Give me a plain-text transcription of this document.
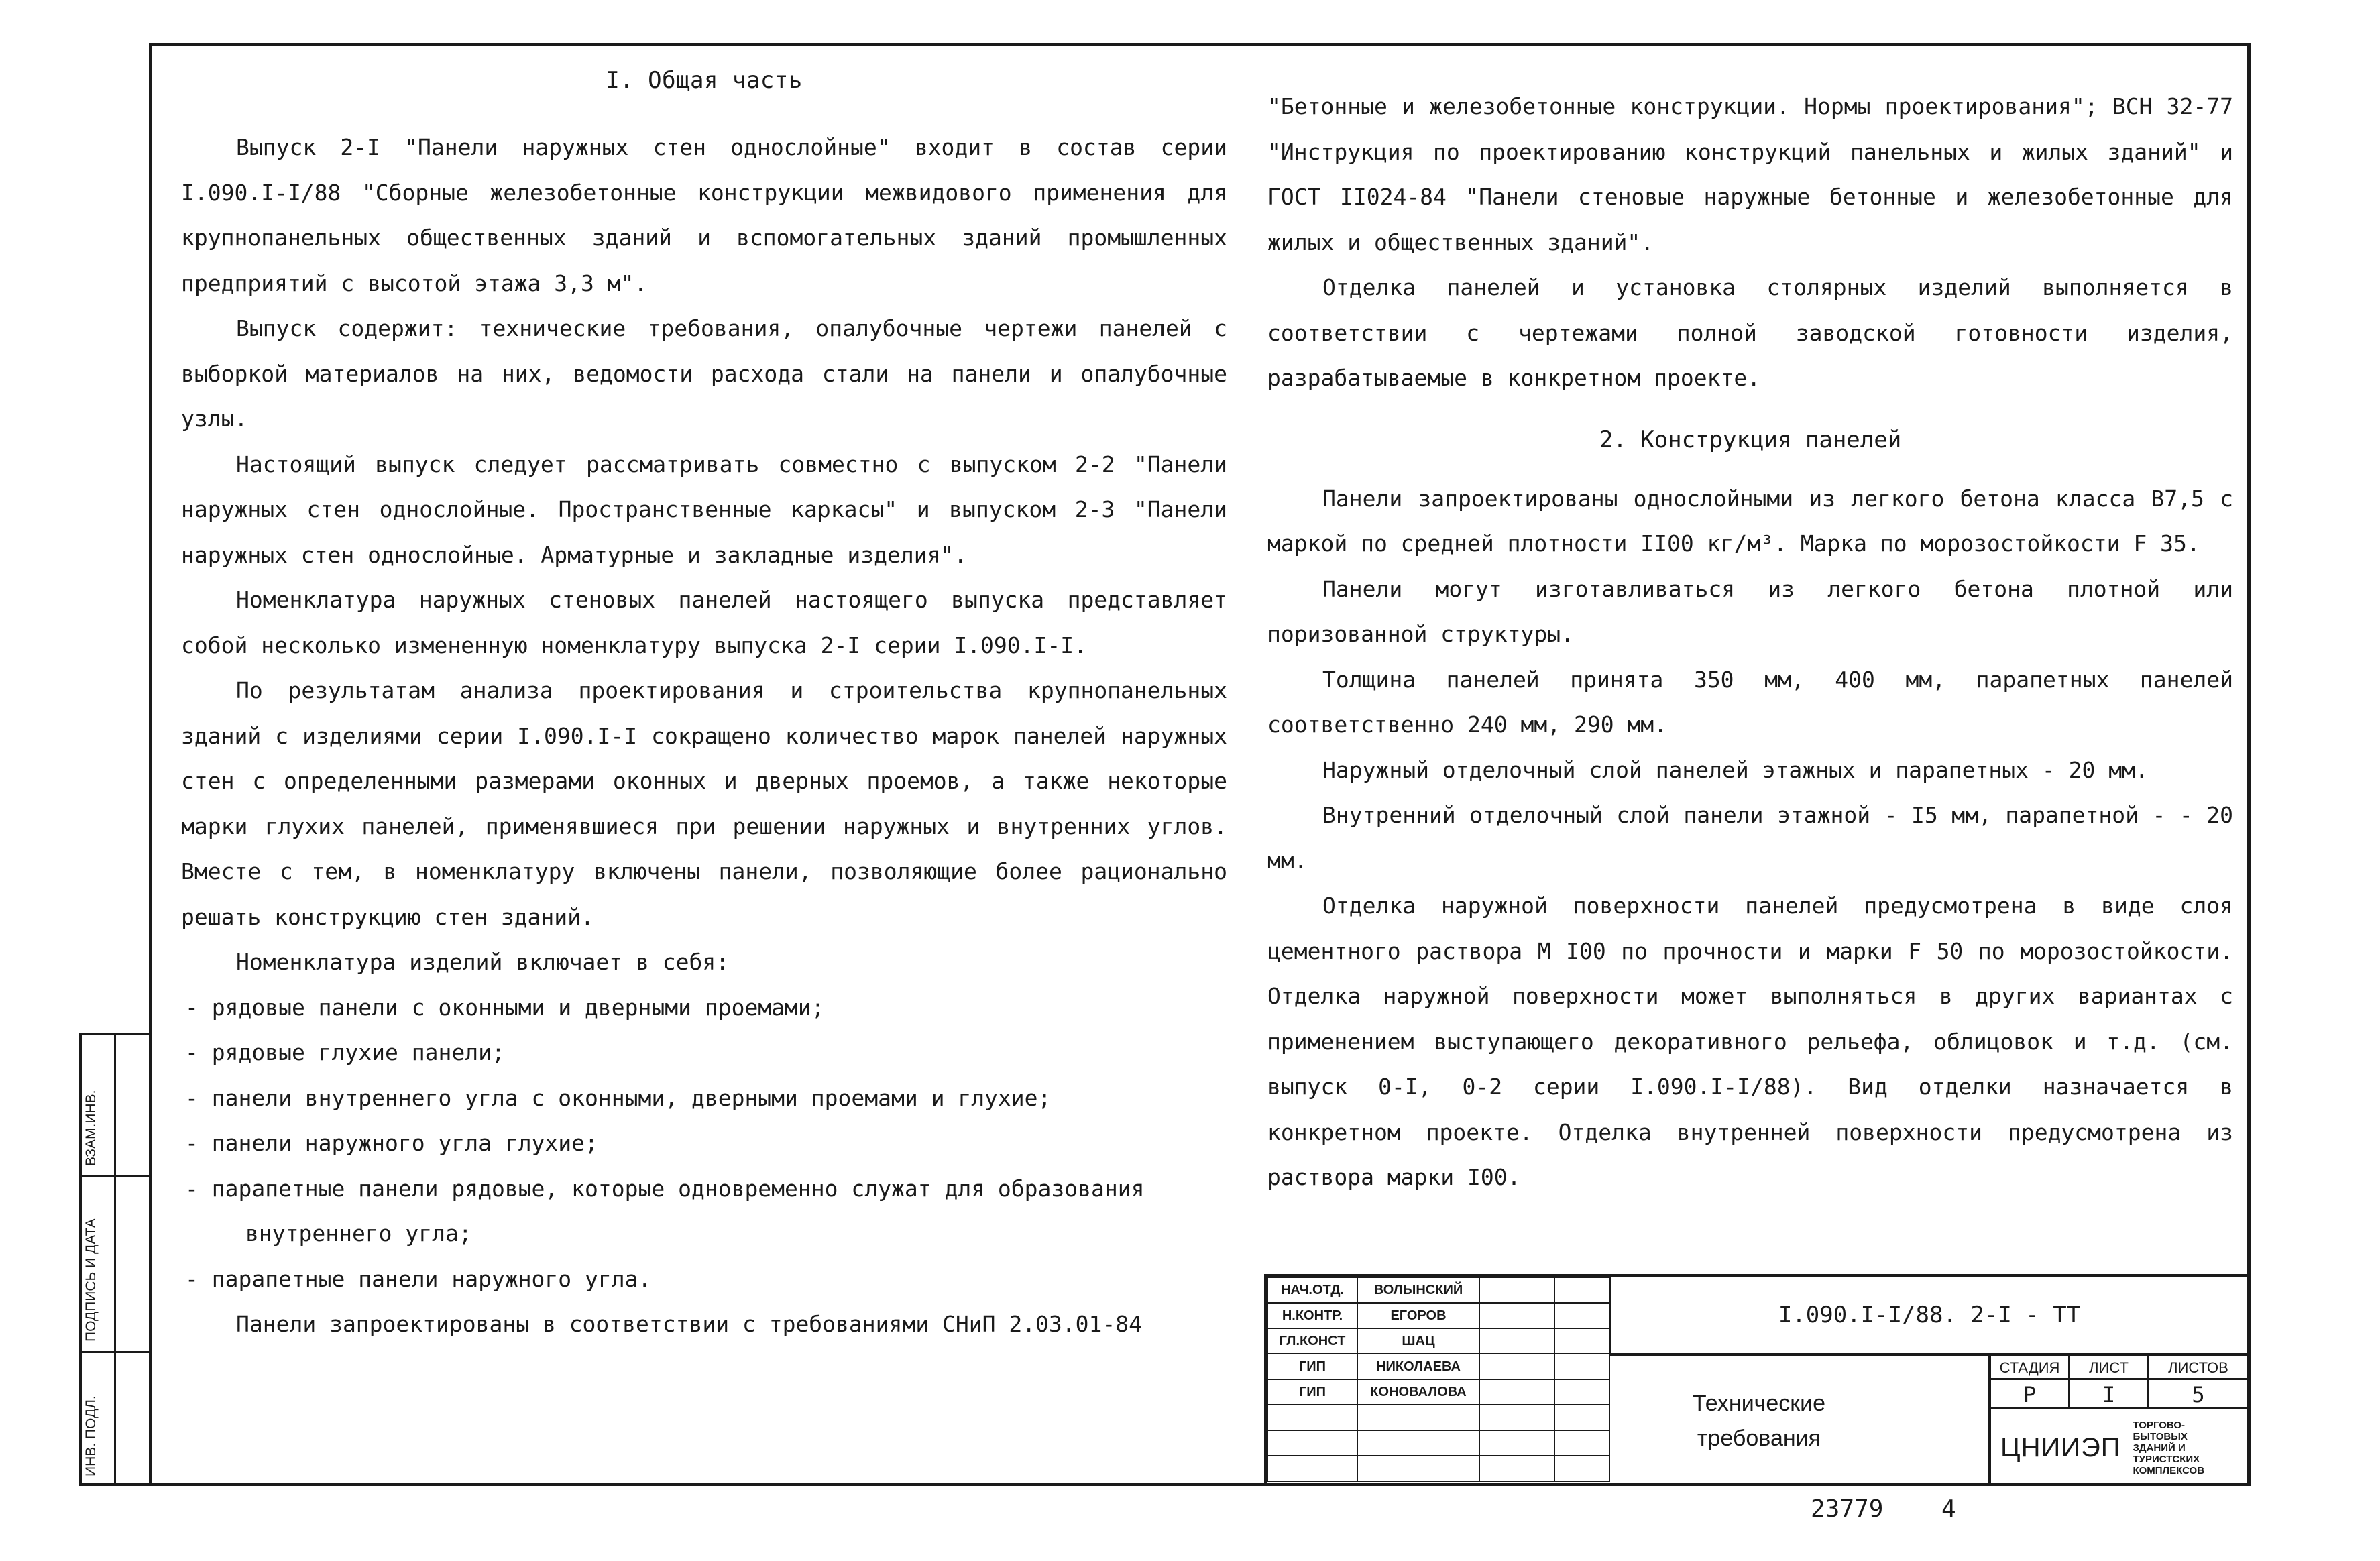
I. Общая часть

Выпуск 2-I "Панели наружных стен однослойные" входит в состав серии I.090.I-I/88 "Сборные железобетонные конструкции межвидового применения для крупнопанельных общественных зданий и вспомогательных зданий промышленных предприятий с высотой этажа 3,3 м".

Выпуск содержит: технические требования, опалубочные чертежи панелей с выборкой материалов на них, ведомости расхода стали на панели и опалубочные узлы.

Настоящий выпуск следует рассматривать совместно с выпуском 2-2 "Панели наружных стен однослойные. Пространственные каркасы" и выпуском 2-3 "Панели наружных стен однослойные. Арматурные и закладные изделия".

Номенклатура наружных стеновых панелей настоящего выпуска представляет собой несколько измененную номенклатуру выпуска 2-I серии I.090.I-I.

По результатам анализа проектирования и строительства крупнопанельных зданий с изделиями серии I.090.I-I сокращено количество марок панелей наружных стен с определенными размерами оконных и дверных проемов, а также некоторые марки глухих панелей, применявшиеся при решении наружных и внутренних углов. Вместе с тем, в номенклатуру включены панели, позволяющие более рационально решать конструкцию стен зданий.

Номенклатура изделий включает в себя:

- рядовые панели с оконными и дверными проемами;

- рядовые глухие панели;

- панели внутреннего угла с оконными, дверными проемами и глухие;

- панели наружного угла глухие;

- парапетные панели рядовые, которые одновременно служат для образования внутреннего угла;

- парапетные панели наружного угла.

Панели запроектированы в соответствии с требованиями СНиП 2.03.01-84

"Бетонные и железобетонные конструкции. Нормы проектирования"; ВСН 32-77 "Инструкция по проектированию конструкций панельных и жилых зданий" и ГОСТ II024-84 "Панели стеновые наружные бетонные и железобетонные для жилых и общественных зданий".

Отделка панелей и установка столярных изделий выполняется в соответствии с чертежами полной заводской готовности изделия, разрабатываемые в конкретном проекте.

2. Конструкция панелей

Панели запроектированы однослойными из легкого бетона класса В7,5 с маркой по средней плотности II00 кг/м³. Марка по морозостойкости F 35.

Панели могут изготавливаться из легкого бетона плотной или поризованной структуры.

Толщина панелей принята 350 мм, 400 мм, парапетных панелей соответственно 240 мм, 290 мм.

Наружный отделочный слой панелей этажных и парапетных - 20 мм.

Внутренний отделочный слой панели этажной - I5 мм, парапетной - - 20 мм.

Отделка наружной поверхности панелей предусмотрена в виде слоя цементного раствора М I00 по прочности и марки F 50 по морозостойкости. Отделка наружной поверхности может выполняться в других вариантах с применением выступающего декоративного рельефа, облицовок и т.д. (см. выпуск 0-I, 0-2 серии I.090.I-I/88). Вид отделки назначается в конкретном проекте. Отделка внутренней поверхности предусмотрена из раствора марки I00.

ВЗАМ.ИНВ.
ПОДПИСЬ И ДАТА
ИНВ. ПОДЛ.
НАЧ.ОТД.	ВОЛЫНСКИЙ		
Н.КОНТР.	ЕГОРОВ		
ГЛ.КОНСТ	ШАЦ		
ГИП	НИКОЛАЕВА		
ГИП	КОНОВАЛОВА		

I.090.I-I/88. 2-I - ТТ
Технические
требования
СТАДИЯ	ЛИСТ	ЛИСТОВ
Р	I	5
ЦНИИЭП
ТОРГОВО-
БЫТОВЫХ
ЗДАНИЙ И
ТУРИСТСКИХ
КОМПЛЕКСОВ
23779 4
